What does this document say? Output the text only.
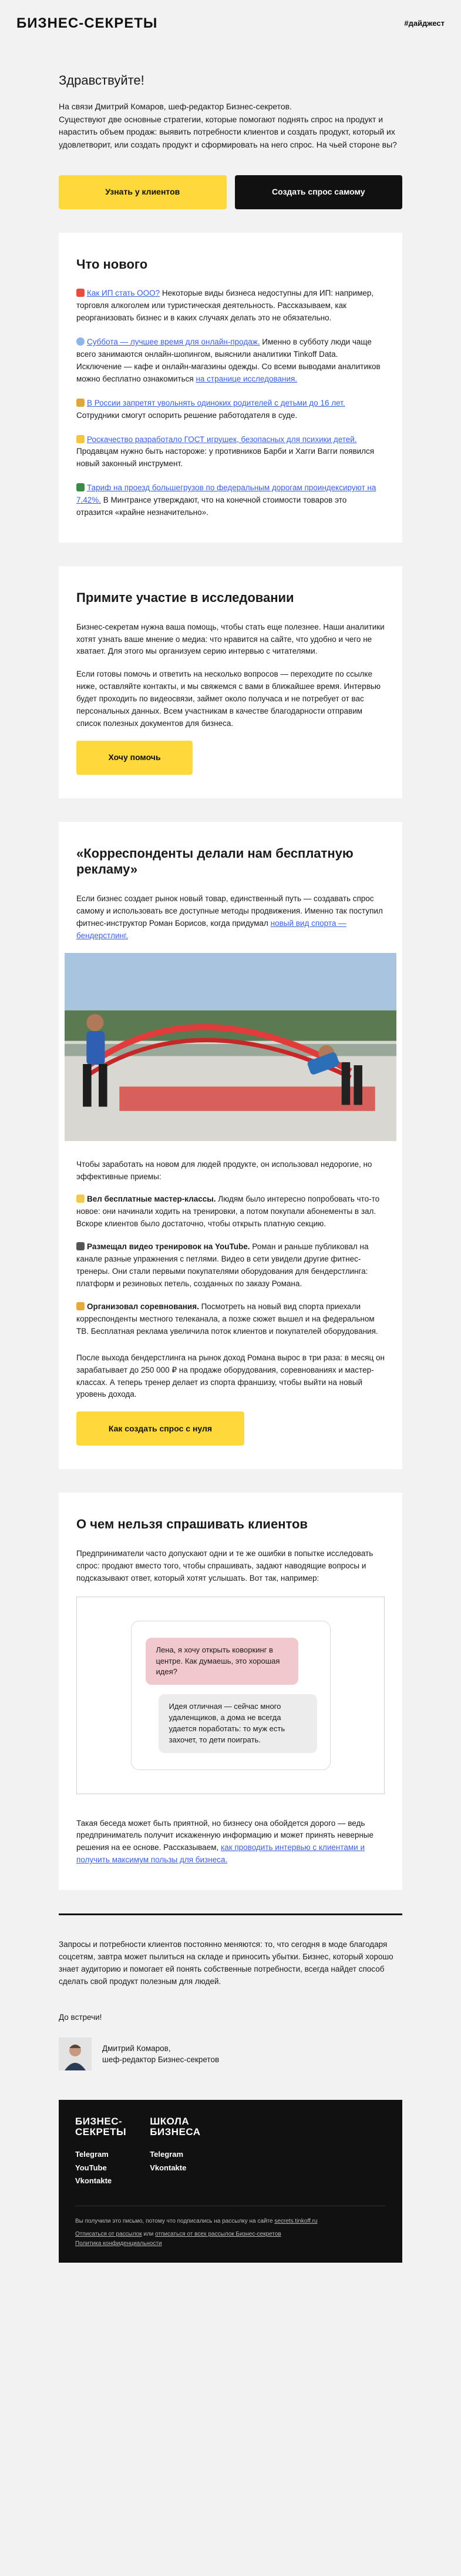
БИЗНЕС-СЕКРЕТЫ	#дайджест
Здравствуйте!

На связи Дмитрий Комаров, шеф-редактор Бизнес-секретов.

Существуют две основные стратегии, которые помогают поднять спрос на продукт и нарастить объем продаж: выявить потребности клиентов и создать продукт, который их удовлетворит, или создать продукт и сформировать на него спрос. На чьей стороне вы?

Узнать у клиентов	Создать спрос самому
Что нового
Как ИП стать ООО? Некоторые виды бизнеса недоступны для ИП: например, торговля алкоголем или туристическая деятельность. Рассказываем, как реорганизовать бизнес и в каких случаях делать это не обязательно.
Суббота — лучшее время для онлайн-продаж. Именно в субботу люди чаще всего занимаются онлайн-шопингом, выяснили аналитики Tinkoff Data. Исключение — кафе и онлайн-магазины одежды. Со всеми выводами аналитиков можно бесплатно ознакомиться на странице исследования.
В России запретят увольнять одиноких родителей с детьми до 16 лет. Сотрудники смогут оспорить решение работодателя в суде.
Роскачество разработало ГОСТ игрушек, безопасных для психики детей. Продавцам нужно быть настороже: у противников Барби и Хагги Вагги появился новый законный инструмент.
Тариф на проезд большегрузов по федеральным дорогам проиндексируют на 7,42%. В Минтрансе утверждают, что на конечной стоимости товаров это отразится «крайне незначительно».
Примите участие в исследовании

Бизнес-секретам нужна ваша помощь, чтобы стать еще полезнее. Наши аналитики хотят узнать ваше мнение о медиа: что нравится на сайте, что удобно и чего не хватает. Для этого мы организуем серию интервью с читателями.

Если готовы помочь и ответить на несколько вопросов — переходите по ссылке ниже, оставляйте контакты, и мы свяжемся с вами в ближайшее время. Интервью будет проходить по видеосвязи, займет около получаса и не потребует от вас персональных данных. Всем участникам в качестве благодарности отправим список полезных документов для бизнеса.

Хочу помочь
«Корреспонденты делали нам бесплатную рекламу»

Если бизнес создает рынок новый товар, единственный путь — создавать спрос самому и использовать все доступные методы продвижения. Именно так поступил фитнес-инструктор Роман Борисов, когда придумал новый вид спорта — бендерстлинг.

Чтобы заработать на новом для людей продукте, он использовал недорогие, но эффективные приемы:

Вел бесплатные мастер-классы. Людям было интересно попробовать что-то новое: они начинали ходить на тренировки, а потом покупали абонементы в зал. Вскоре клиентов было достаточно, чтобы открыть платную секцию.

Размещал видео тренировок на YouTube. Роман и раньше публиковал на канале разные упражнения с петлями. Видео в сети увидели другие фитнес-тренеры. Они стали первыми покупателями оборудования для бендерстлинга: платформ и резиновых петель, созданных по заказу Романа.

Организовал соревнования. Посмотреть на новый вид спорта приехали корреспонденты местного телеканала, а позже сюжет вышел и на федеральном ТВ. Бесплатная реклама увеличила поток клиентов и покупателей оборудования.

После выхода бендерстлинга на рынок доход Романа вырос в три раза: в месяц он зарабатывает до 250 000 ₽ на продаже оборудования, соревнованиях и мастер-классах. А теперь тренер делает из спорта франшизу, чтобы выйти на новый уровень дохода.

Как создать спрос с нуля
О чем нельзя спрашивать клиентов

Предприниматели часто допускают одни и те же ошибки в попытке исследовать спрос: продают вместо того, чтобы спрашивать, задают наводящие вопросы и подсказывают ответ, который хотят услышать. Вот так, например:

Лена, я хочу открыть коворкинг в центре. Как думаешь, это хорошая идея?
Идея отличная — сейчас много удаленщиков, а дома не всегда удается поработать: то муж есть захочет, то дети поиграть.

Такая беседа может быть приятной, но бизнесу она обойдется дорого — ведь предприниматель получит искаженную информацию и может принять неверные решения на ее основе. Рассказываем, как проводить интервью с клиентами и получить максимум пользы для бизнеса.

Запросы и потребности клиентов постоянно меняются: то, что сегодня в моде благодаря соцсетям, завтра может пылиться на складе и приносить убытки. Бизнес, который хорошо знает аудиторию и помогает ей понять собственные потребности, всегда найдет способ сделать свой продукт полезным для людей.
До встречи!
Дмитрий Комаров,
шеф-редактор Бизнес-секретов
БИЗНЕС-
СЕКРЕТЫ
Telegram
YouTube
Vkontakte
ШКОЛА
БИЗНЕСА
Telegram
Vkontakte
Вы получили это письмо, потому что подписались на рассылку на сайте secrets.tinkoff.ru
Отписаться от рассылок или отписаться от всех рассылок Бизнес-секретов
Политика конфиденциальности
